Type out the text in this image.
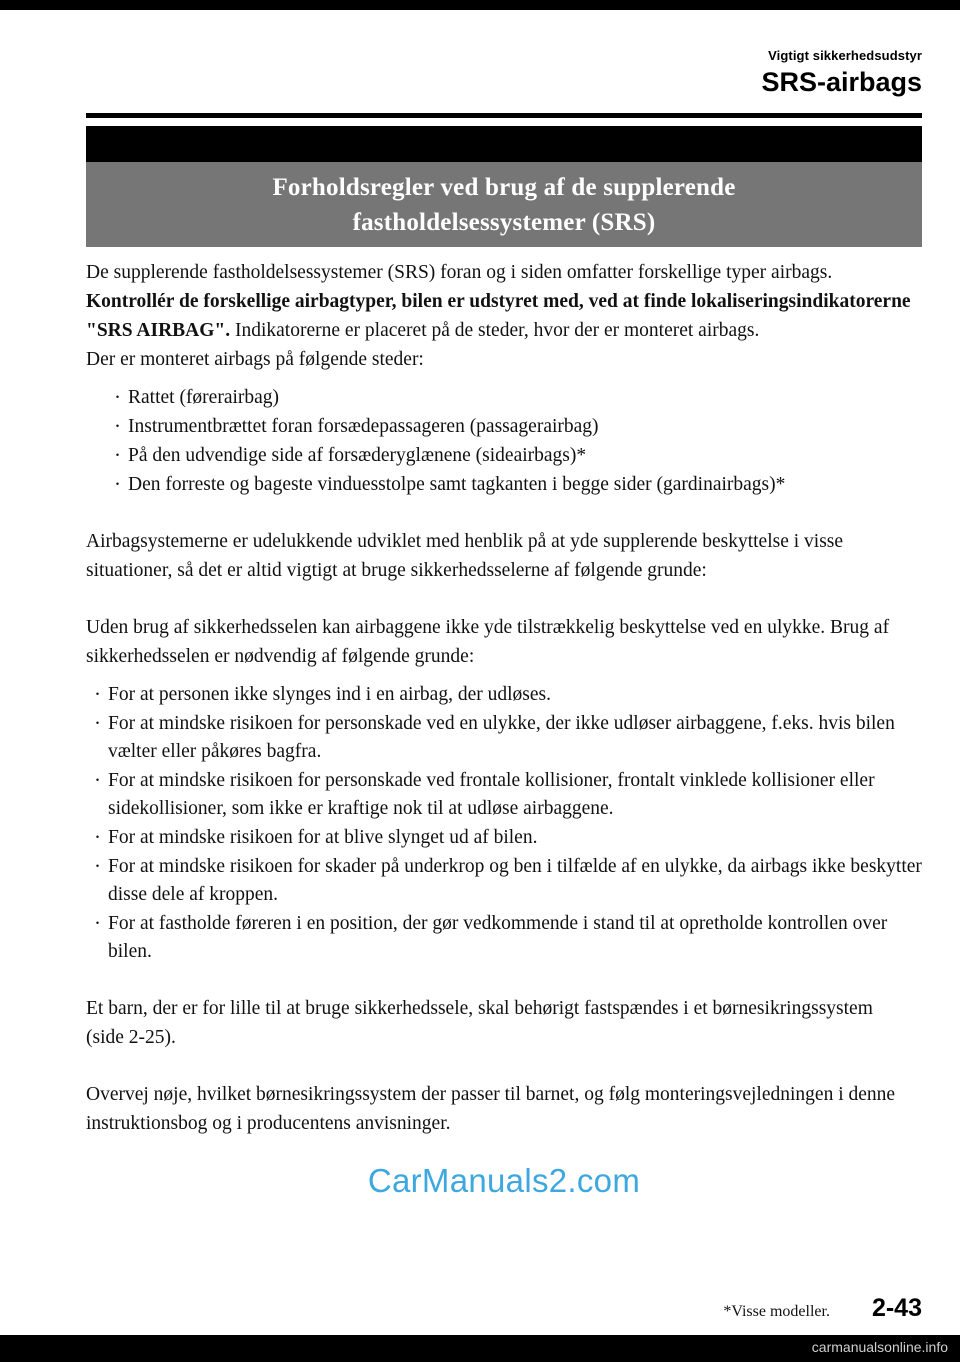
Vigtigt sikkerhedsudstyr
SRS-airbags
Forholdsregler ved brug af de supplerende
fastholdelsessystemer (SRS)

De supplerende fastholdelsessystemer (SRS) foran og i siden omfatter forskellige typer airbags. Kontrollér de forskellige airbagtyper, bilen er udstyret med, ved at finde lokaliseringsindikatorerne "SRS AIRBAG". Indikatorerne er placeret på de steder, hvor der er monteret airbags.

Der er monteret airbags på følgende steder:

· Rattet (førerairbag)
· Instrumentbrættet foran forsædepassageren (passagerairbag)
· På den udvendige side af forsæderyglænene (sideairbags)*
· Den forreste og bageste vinduesstolpe samt tagkanten i begge sider (gardinairbags)*

Airbagsystemerne er udelukkende udviklet med henblik på at yde supplerende beskyttelse i visse situationer, så det er altid vigtigt at bruge sikkerhedsselerne af følgende grunde:

Uden brug af sikkerhedsselen kan airbaggene ikke yde tilstrækkelig beskyttelse ved en ulykke. Brug af sikkerhedsselen er nødvendig af følgende grunde:

· For at personen ikke slynges ind i en airbag, der udløses.
· For at mindske risikoen for personskade ved en ulykke, der ikke udløser airbaggene, f.eks. hvis bilen vælter eller påkøres bagfra.
· For at mindske risikoen for personskade ved frontale kollisioner, frontalt vinklede kollisioner eller sidekollisioner, som ikke er kraftige nok til at udløse airbaggene.
· For at mindske risikoen for at blive slynget ud af bilen.
· For at mindske risikoen for skader på underkrop og ben i tilfælde af en ulykke, da airbags ikke beskytter disse dele af kroppen.
· For at fastholde føreren i en position, der gør vedkommende i stand til at opretholde kontrollen over bilen.

Et barn, der er for lille til at bruge sikkerhedssele, skal behørigt fastspændes i et børnesikringssystem (side 2-25).

Overvej nøje, hvilket børnesikringssystem der passer til barnet, og følg monteringsvejledningen i denne instruktionsbog og i producentens anvisninger.

CarManuals2.com
*Visse modeller. 2-43
carmanualsonline.info
